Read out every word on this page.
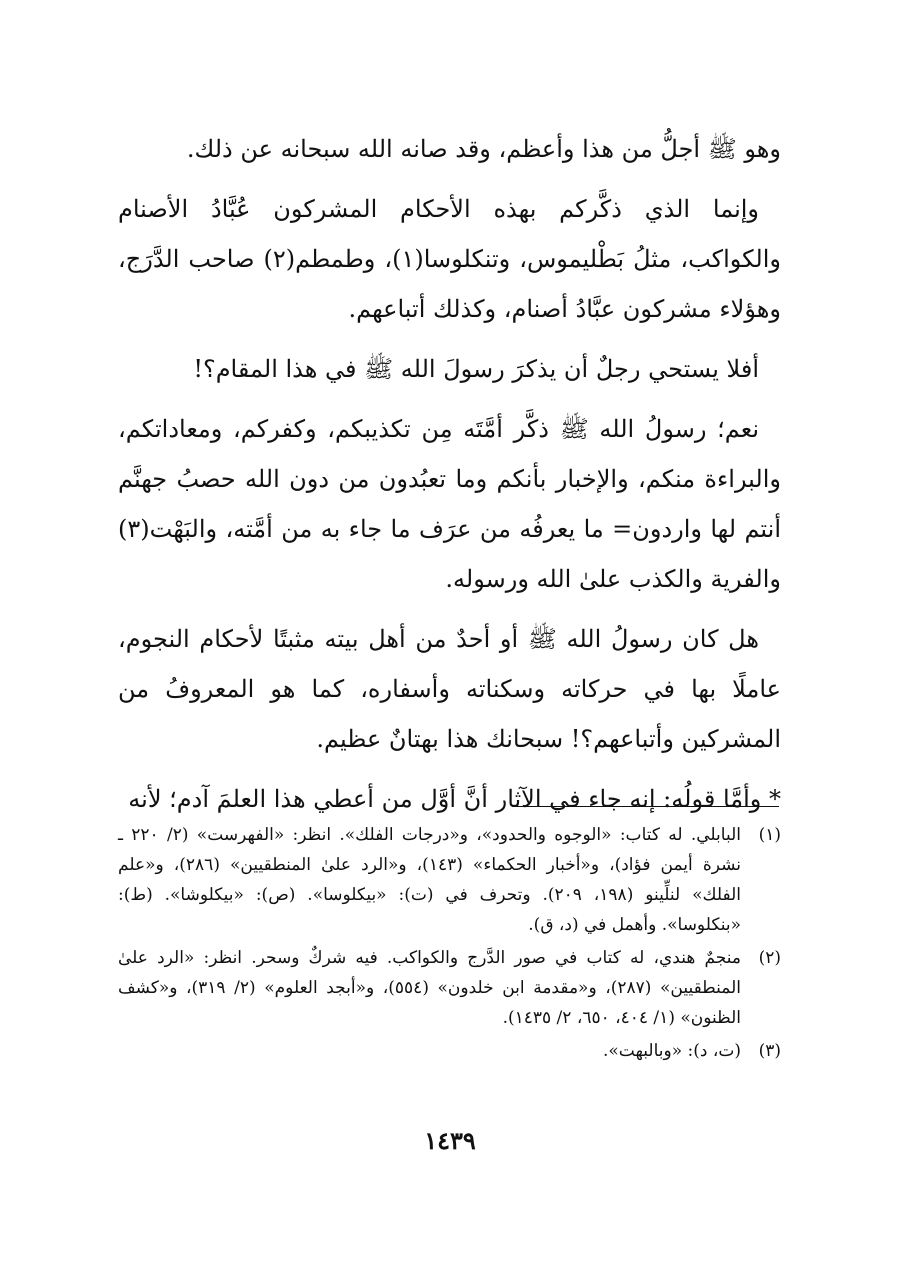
وهو ﷺ أجلُّ من هذا وأعظم، وقد صانه الله سبحانه عن ذلك.

وإنما الذي ذكَّركم بهذه الأحكام المشركون عُبَّادُ الأصنام والكواكب، مثلُ بَطْليموس، وتنكلوسا(١)، وطمطم(٢) صاحب الدَّرَج، وهؤلاء مشركون عبَّادُ أصنام، وكذلك أتباعهم.

أفلا يستحي رجلٌ أن يذكرَ رسولَ الله ﷺ في هذا المقام؟!

نعم؛ رسولُ الله ﷺ ذكَّر أمَّتَه مِن تكذيبكم، وكفركم، ومعاداتكم، والبراءة منكم، والإخبار بأنكم وما تعبُدون من دون الله حصبُ جهنَّم أنتم لها واردون= ما يعرفُه من عرَف ما جاء به من أمَّته، والبَهْت(٣) والفرية والكذب علىٰ الله ورسوله.

هل كان رسولُ الله ﷺ أو أحدٌ من أهل بيته مثبتًا لأحكام النجوم، عاملًا بها في حركاته وسكناته وأسفاره، كما هو المعروفُ من المشركين وأتباعهم؟! سبحانك هذا بهتانٌ عظيم.

* وأمَّا قولُه: إنه جاء في الآثار أنَّ أوَّل من أعطي هذا العلمَ آدم؛ لأنه

(١)
البابلي. له كتاب: «الوجوه والحدود»، و«درجات الفلك». انظر: «الفهرست» (٢/ ٢٢٠ ـ نشرة أيمن فؤاد)، و«أخبار الحكماء» (١٤٣)، و«الرد علىٰ المنطقيين» (٢٨٦)، و«علم الفلك» لنلِّينو (١٩٨، ٢٠٩). وتحرف في (ت): «بيكلوسا». (ص): «بيكلوشا». (ط): «بنكلوسا». وأهمل في (د، ق).
(٢)
منجمٌ هندي، له كتاب في صور الدَّرج والكواكب. فيه شركٌ وسحر. انظر: «الرد علىٰ المنطقيين» (٢٨٧)، و«مقدمة ابن خلدون» (٥٥٤)، و«أبجد العلوم» (٢/ ٣١٩)، و«كشف الظنون» (١/ ٤٠٤، ٦٥٠، ٢/ ١٤٣٥).
(٣)
(ت، د): «وبالبهت».
١٤٣٩
